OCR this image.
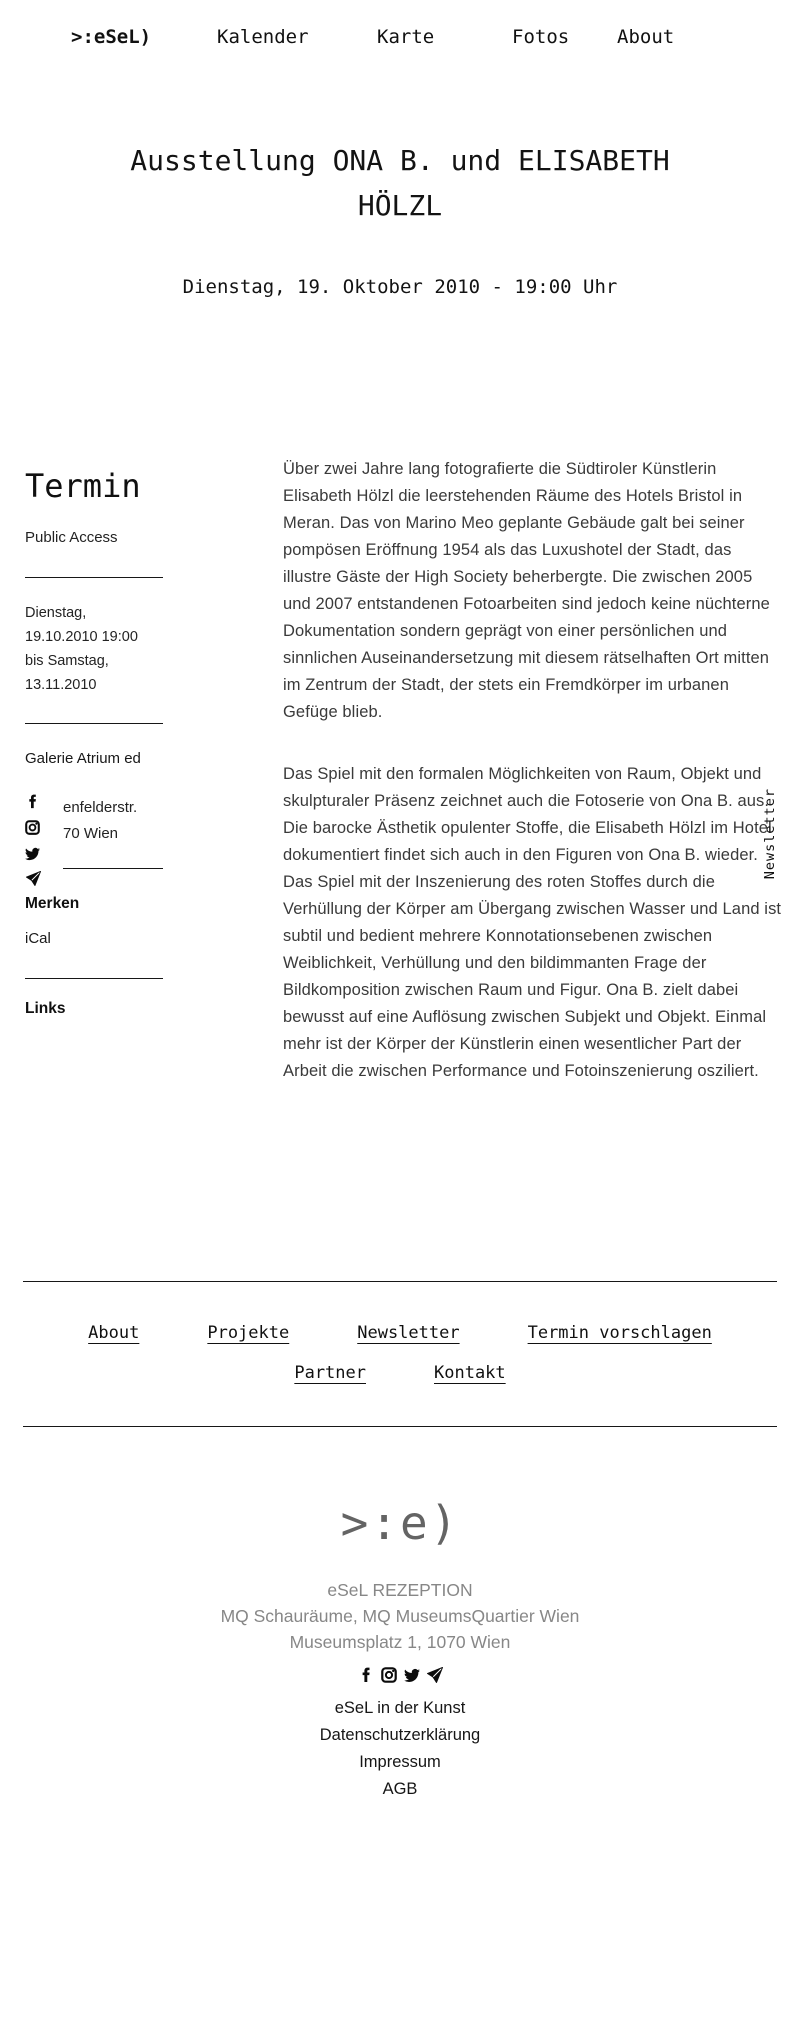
>:eSeL)	Kalender	Karte	Fotos	About
Ausstellung ONA B. und ELISABETH HÖLZL
Dienstag, 19. Oktober 2010 - 19:00 Uhr
Termin
Public Access
Dienstag,
19.10.2010 19:00
bis Samstag,
13.11.2010
Galerie Atrium ed
enfelderstr.
70 Wien
Merken
iCal
Links

Über zwei Jahre lang fotografierte die Südtiroler Künstlerin Elisabeth Hölzl die leerstehenden Räume des Hotels Bristol in Meran. Das von Marino Meo geplante Gebäude galt bei seiner pompösen Eröffnung 1954 als das Luxushotel der Stadt, das illustre Gäste der High Society beherbergte. Die zwischen 2005 und 2007 entstandenen Fotoarbeiten sind jedoch keine nüchterne Dokumentation sondern geprägt von einer persönlichen und sinnlichen Auseinandersetzung mit diesem rätselhaften Ort mitten im Zentrum der Stadt, der stets ein Fremdkörper im urbanen Gefüge blieb.

Das Spiel mit den formalen Möglichkeiten von Raum, Objekt und skulpturaler Präsenz zeichnet auch die Fotoserie von Ona B. aus. Die barocke Ästhetik opulenter Stoffe, die Elisabeth Hölzl im Hotel dokumentiert findet sich auch in den Figuren von Ona B. wieder. Das Spiel mit der Inszenierung des roten Stoffes durch die Verhüllung der Körper am Übergang zwischen Wasser und Land ist subtil und bedient mehrere Konnotationsebenen zwischen Weiblichkeit, Verhüllung und den bildimmanten Frage der Bildkomposition zwischen Raum und Figur. Ona B. zielt dabei bewusst auf eine Auflösung zwischen Subjekt und Objekt. Einmal mehr ist der Körper der Künstlerin einen wesentlicher Part der Arbeit die zwischen Performance und Fotoinszenierung osziliert.

Newsletter
About	Projekte	Newsletter	Termin vorschlagen
Partner	Kontakt
>:e)
eSeL REZEPTION
MQ Schauräume, MQ MuseumsQuartier Wien
Museumsplatz 1, 1070 Wien
eSeL in der Kunst
Datenschutzerklärung
Impressum
AGB
